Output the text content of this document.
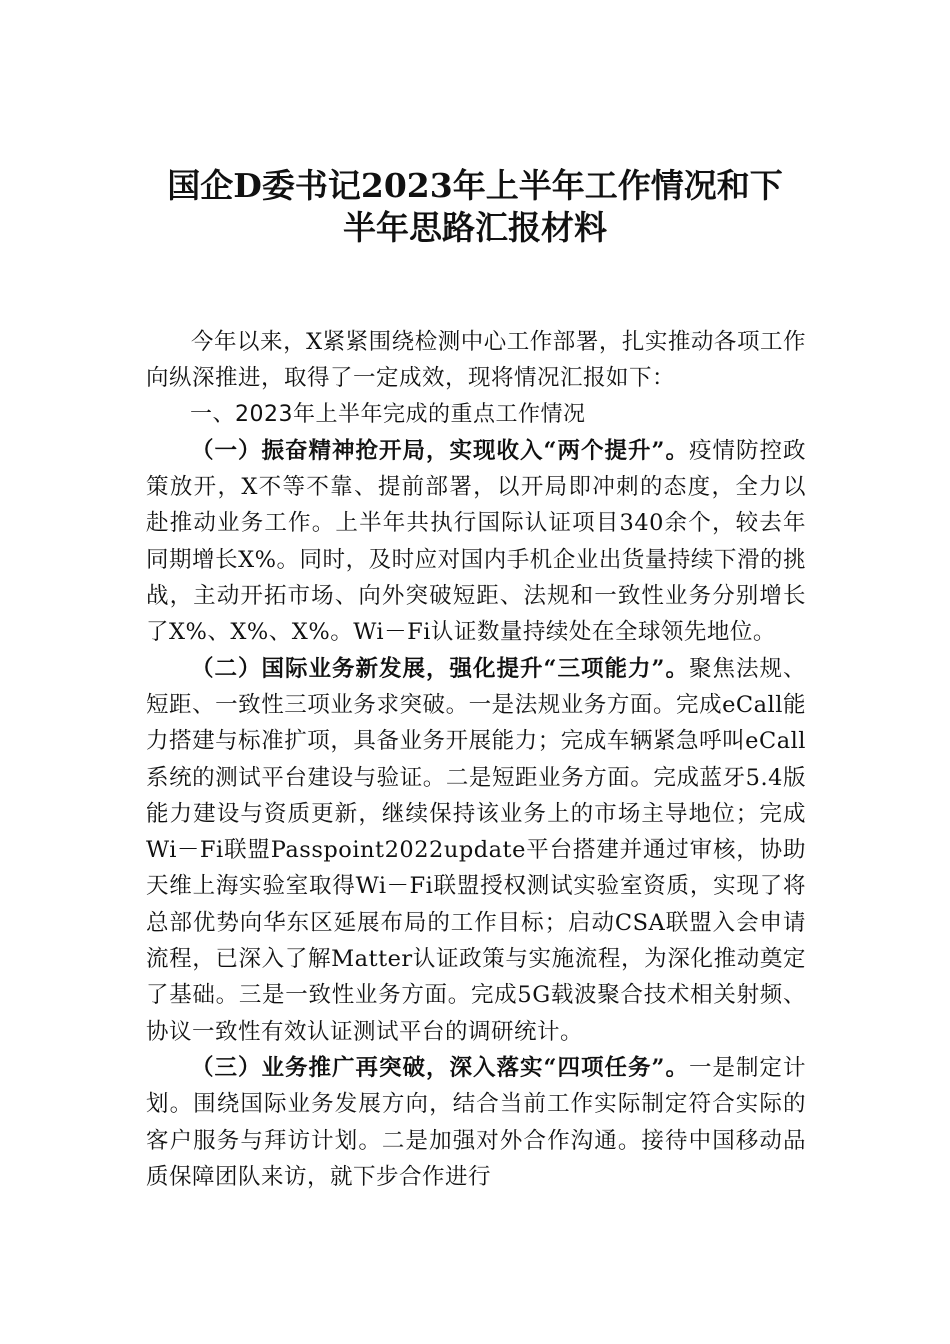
国企D委书记2023年上半年工作情况和下
半年思路汇报材料

今年以来，X紧紧围绕检测中心工作部署，扎实推动各项工作向纵深推进，取得了一定成效，现将情况汇报如下：

一、2023年上半年完成的重点工作情况

（一）振奋精神抢开局，实现收入“两个提升”。疫情防控政策放开，X不等不靠、提前部署，以开局即冲刺的态度，全力以赴推动业务工作。上半年共执行国际认证项目340余个，较去年同期增长X%。同时，及时应对国内手机企业出货量持续下滑的挑战，主动开拓市场、向外突破短距、法规和一致性业务分别增长了X%、X%、X%。Wi－Fi认证数量持续处在全球领先地位。

（二）国际业务新发展，强化提升“三项能力”。聚焦法规、短距、一致性三项业务求突破。一是法规业务方面。完成eCall能力搭建与标准扩项，具备业务开展能力；完成车辆紧急呼叫eCall系统的测试平台建设与验证。二是短距业务方面。完成蓝牙5.4版能力建设与资质更新，继续保持该业务上的市场主导地位；完成Wi－Fi联盟Passpoint2022update平台搭建并通过审核，协助天维上海实验室取得Wi－Fi联盟授权测试实验室资质，实现了将总部优势向华东区延展布局的工作目标；启动CSA联盟入会申请流程，已深入了解Matter认证政策与实施流程，为深化推动奠定了基础。三是一致性业务方面。完成5G载波聚合技术相关射频、协议一致性有效认证测试平台的调研统计。

（三）业务推广再突破，深入落实“四项任务”。一是制定计划。围绕国际业务发展方向，结合当前工作实际制定符合实际的客户服务与拜访计划。二是加强对外合作沟通。接待中国移动品质保障团队来访，就下步合作进行
